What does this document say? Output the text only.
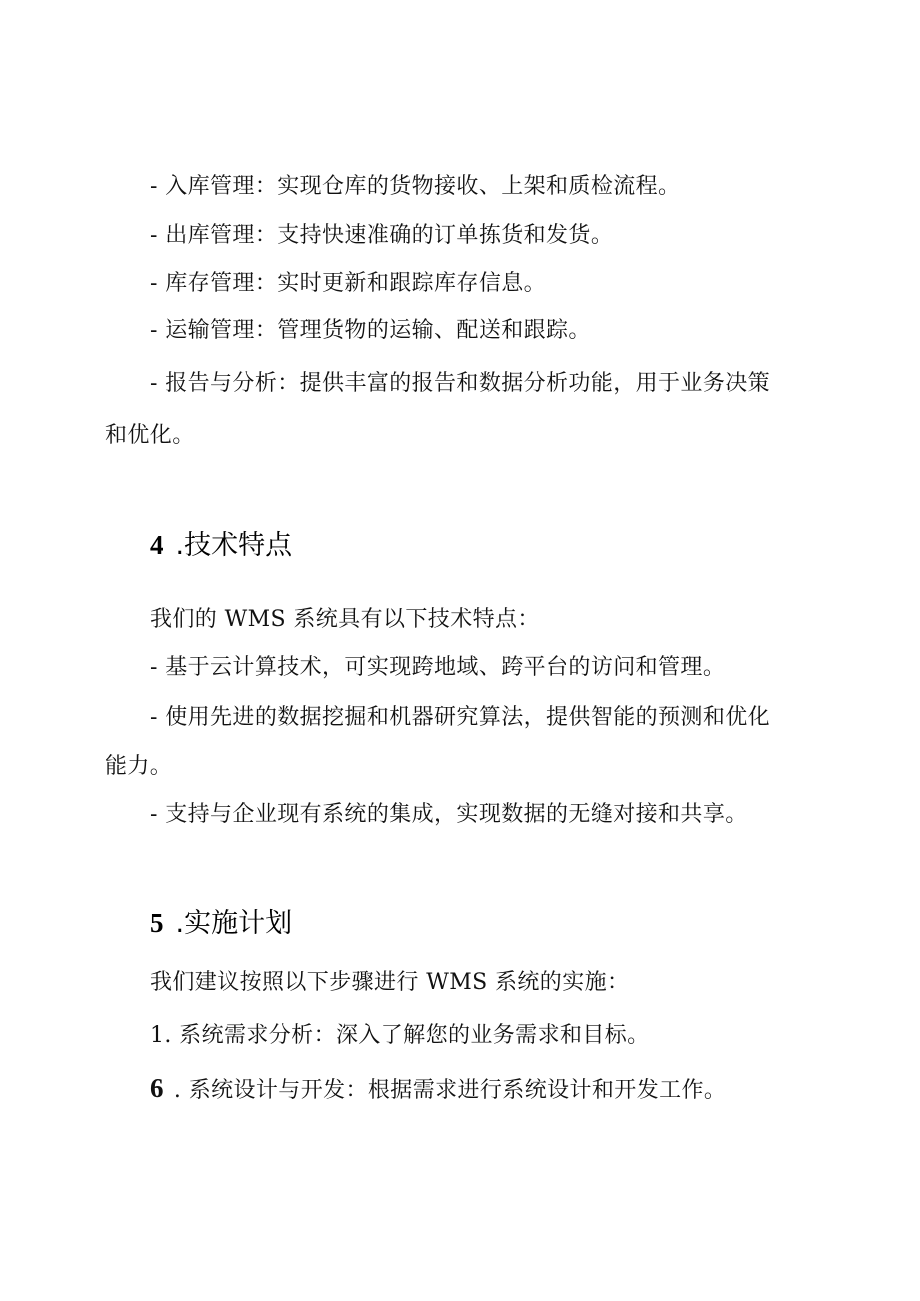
- 入库管理：实现仓库的货物接收、上架和质检流程。
- 出库管理：支持快速准确的订单拣货和发货。
- 库存管理：实时更新和跟踪库存信息。
- 运输管理：管理货物的运输、配送和跟踪。
- 报告与分析：提供丰富的报告和数据分析功能，用于业务决策
和优化。
4 .技术特点
我们的 WMS 系统具有以下技术特点：
- 基于云计算技术，可实现跨地域、跨平台的访问和管理。
- 使用先进的数据挖掘和机器研究算法，提供智能的预测和优化
能力。
- 支持与企业现有系统的集成，实现数据的无缝对接和共享。
5 .实施计划
我们建议按照以下步骤进行 WMS 系统的实施：
1. 系统需求分析：深入了解您的业务需求和目标。
6 . 系统设计与开发：根据需求进行系统设计和开发工作。
